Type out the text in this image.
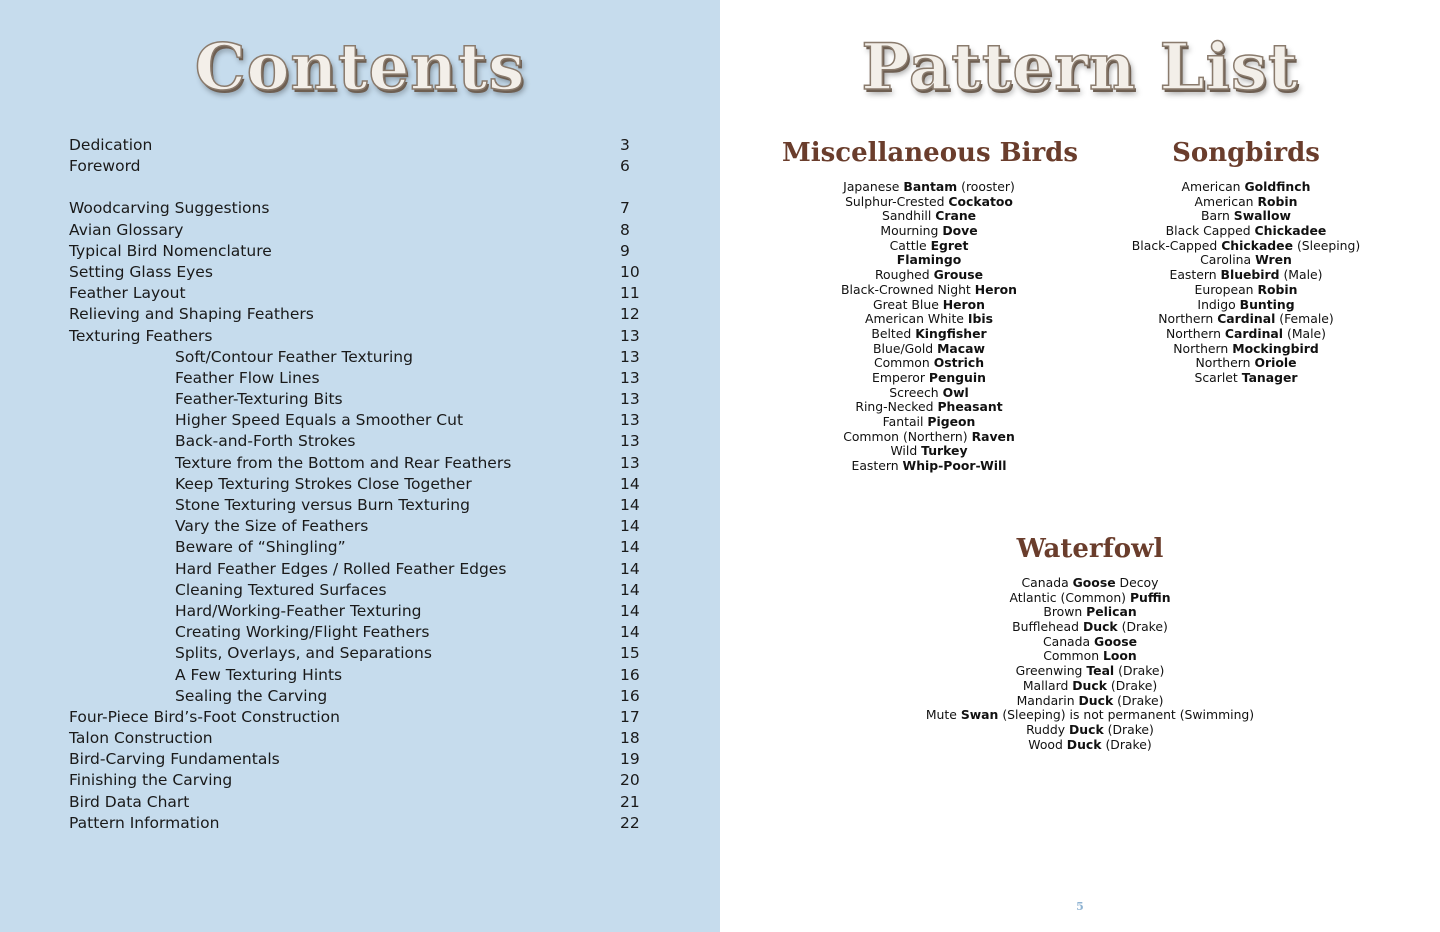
Contents
Dedication	3
Foreword	6
Woodcarving Suggestions	7
Avian Glossary	8
Typical Bird Nomenclature	9
Setting Glass Eyes	10
Feather Layout	11
Relieving and Shaping Feathers	12
Texturing Feathers	13
Soft/Contour Feather Texturing	13
Feather Flow Lines	13
Feather-Texturing Bits	13
Higher Speed Equals a Smoother Cut	13
Back-and-Forth Strokes	13
Texture from the Bottom and Rear Feathers	13
Keep Texturing Strokes Close Together	14
Stone Texturing versus Burn Texturing	14
Vary the Size of Feathers	14
Beware of “Shingling”	14
Hard Feather Edges / Rolled Feather Edges	14
Cleaning Textured Surfaces	14
Hard/Working-Feather Texturing	14
Creating Working/Flight Feathers	14
Splits, Overlays, and Separations	15
A Few Texturing Hints	16
Sealing the Carving	16
Four-Piece Bird’s-Foot Construction	17
Talon Construction	18
Bird-Carving Fundamentals	19
Finishing the Carving	20
Bird Data Chart	21
Pattern Information	22
Pattern List
Miscellaneous Birds
Japanese Bantam (rooster)
Sulphur-Crested Cockatoo
Sandhill Crane
Mourning Dove
Cattle Egret
Flamingo
Roughed Grouse
Black-Crowned Night Heron
Great Blue Heron
American White Ibis
Belted Kingfisher
Blue/Gold Macaw
Common Ostrich
Emperor Penguin
Screech Owl
Ring-Necked Pheasant
Fantail Pigeon
Common (Northern) Raven
Wild Turkey
Eastern Whip-Poor-Will
Songbirds
American Goldfinch
American Robin
Barn Swallow
Black Capped Chickadee
Black-Capped Chickadee (Sleeping)
Carolina Wren
Eastern Bluebird (Male)
European Robin
Indigo Bunting
Northern Cardinal (Female)
Northern Cardinal (Male)
Northern Mockingbird
Northern Oriole
Scarlet Tanager
Waterfowl
Canada Goose Decoy
Atlantic (Common) Puffin
Brown Pelican
Bufflehead Duck (Drake)
Canada Goose
Common Loon
Greenwing Teal (Drake)
Mallard Duck (Drake)
Mandarin Duck (Drake)
Mute Swan (Sleeping) is not permanent (Swimming)
Ruddy Duck (Drake)
Wood Duck (Drake)
5
